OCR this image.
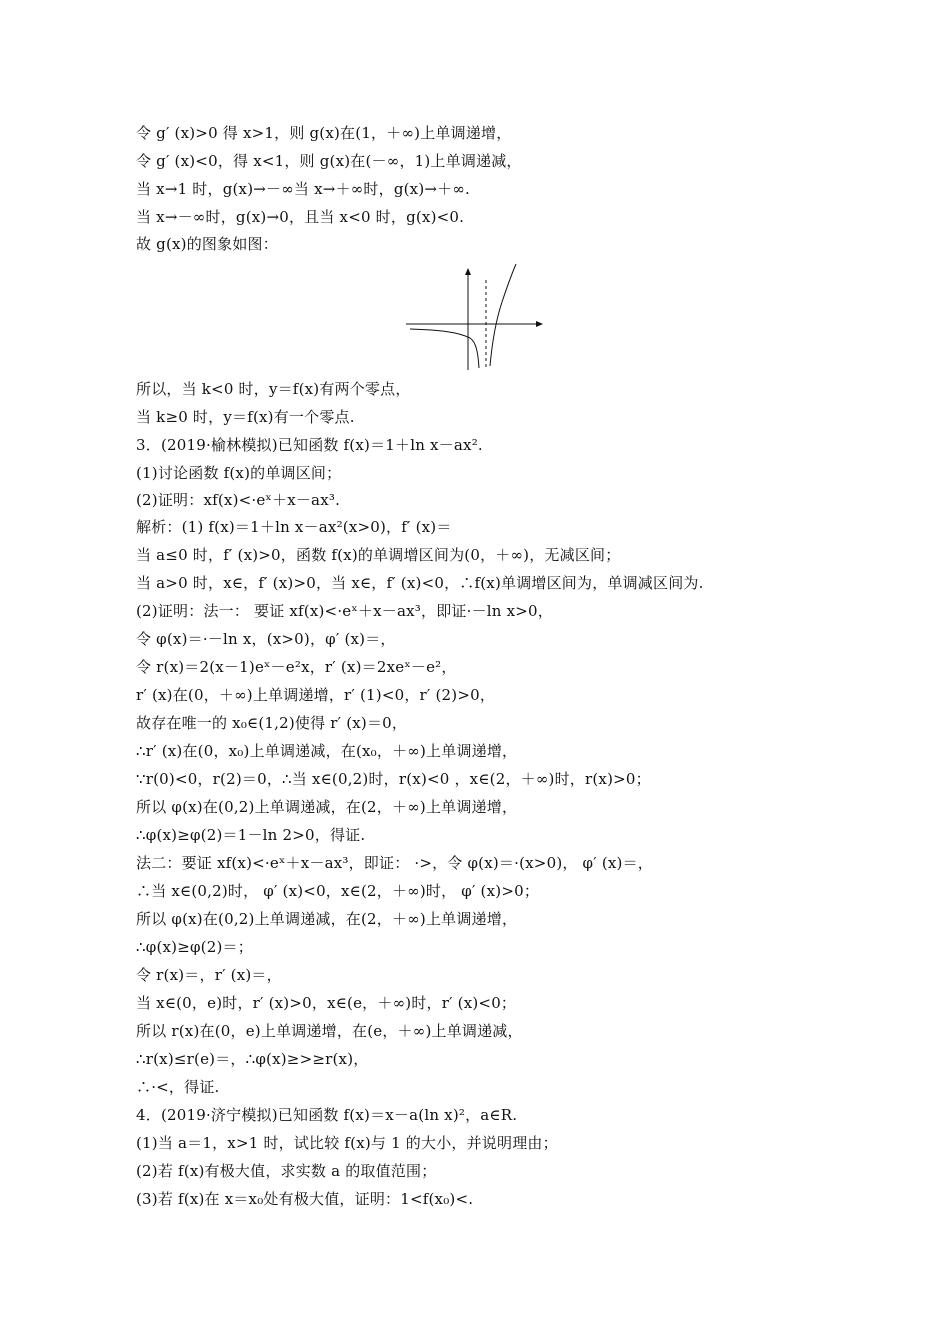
令 g′ (x)>0 得 x>1，则 g(x)在(1，＋∞)上单调递增，
令 g′ (x)<0，得 x<1，则 g(x)在(－∞，1)上单调递减，
当 x→1 时，g(x)→－∞当 x→＋∞时，g(x)→＋∞.
当 x→－∞时，g(x)→0，且当 x<0 时，g(x)<0.
故 g(x)的图象如图：
所以，当 k<0 时，y＝f(x)有两个零点，
当 k≥0 时，y＝f(x)有一个零点.
3．(2019·榆林模拟)已知函数 f(x)＝1＋ln x－ax².
(1)讨论函数 f(x)的单调区间；
(2)证明：xf(x)<·eˣ＋x－ax³.
解析：(1) f(x)＝1＋ln x－ax²(x>0)，f′ (x)＝
当 a≤0 时，f′ (x)>0，函数 f(x)的单调增区间为(0，＋∞)，无减区间；
当 a>0 时，x∈，f′ (x)>0，当 x∈，f′ (x)<0，∴f(x)单调增区间为，单调减区间为.
(2)证明：法一： 要证 xf(x)<·eˣ＋x－ax³，即证·－ln x>0，
令 φ(x)＝·－ln x，(x>0)，φ′ (x)＝，
令 r(x)＝2(x－1)eˣ－e²x，r′ (x)＝2xeˣ－e²，
r′ (x)在(0，＋∞)上单调递增，r′ (1)<0，r′ (2)>0，
故存在唯一的 x₀∈(1,2)使得 r′ (x)＝0，
∴r′ (x)在(0，x₀)上单调递减，在(x₀，＋∞)上单调递增，
∵r(0)<0，r(2)＝0，∴当 x∈(0,2)时，r(x)<0 ，x∈(2，＋∞)时，r(x)>0；
所以 φ(x)在(0,2)上单调递减，在(2，＋∞)上单调递增，
∴φ(x)≥φ(2)＝1－ln 2>0，得证.
法二：要证 xf(x)<·eˣ＋x－ax³，即证： ·>，令 φ(x)＝·(x>0)， φ′ (x)＝，
∴当 x∈(0,2)时， φ′ (x)<0，x∈(2，＋∞)时， φ′ (x)>0；
所以 φ(x)在(0,2)上单调递减，在(2，＋∞)上单调递增，
∴φ(x)≥φ(2)＝；
令 r(x)＝，r′ (x)＝，
当 x∈(0，e)时，r′ (x)>0，x∈(e，＋∞)时，r′ (x)<0；
所以 r(x)在(0，e)上单调递增，在(e，＋∞)上单调递减，
∴r(x)≤r(e)＝，∴φ(x)≥>≥r(x)，
∴·<，得证.
4．(2019·济宁模拟)已知函数 f(x)＝x－a(ln x)²，a∈R.
(1)当 a＝1，x>1 时，试比较 f(x)与 1 的大小，并说明理由；
(2)若 f(x)有极大值，求实数 a 的取值范围；
(3)若 f(x)在 x＝x₀处有极大值，证明：1<f(x₀)<.
